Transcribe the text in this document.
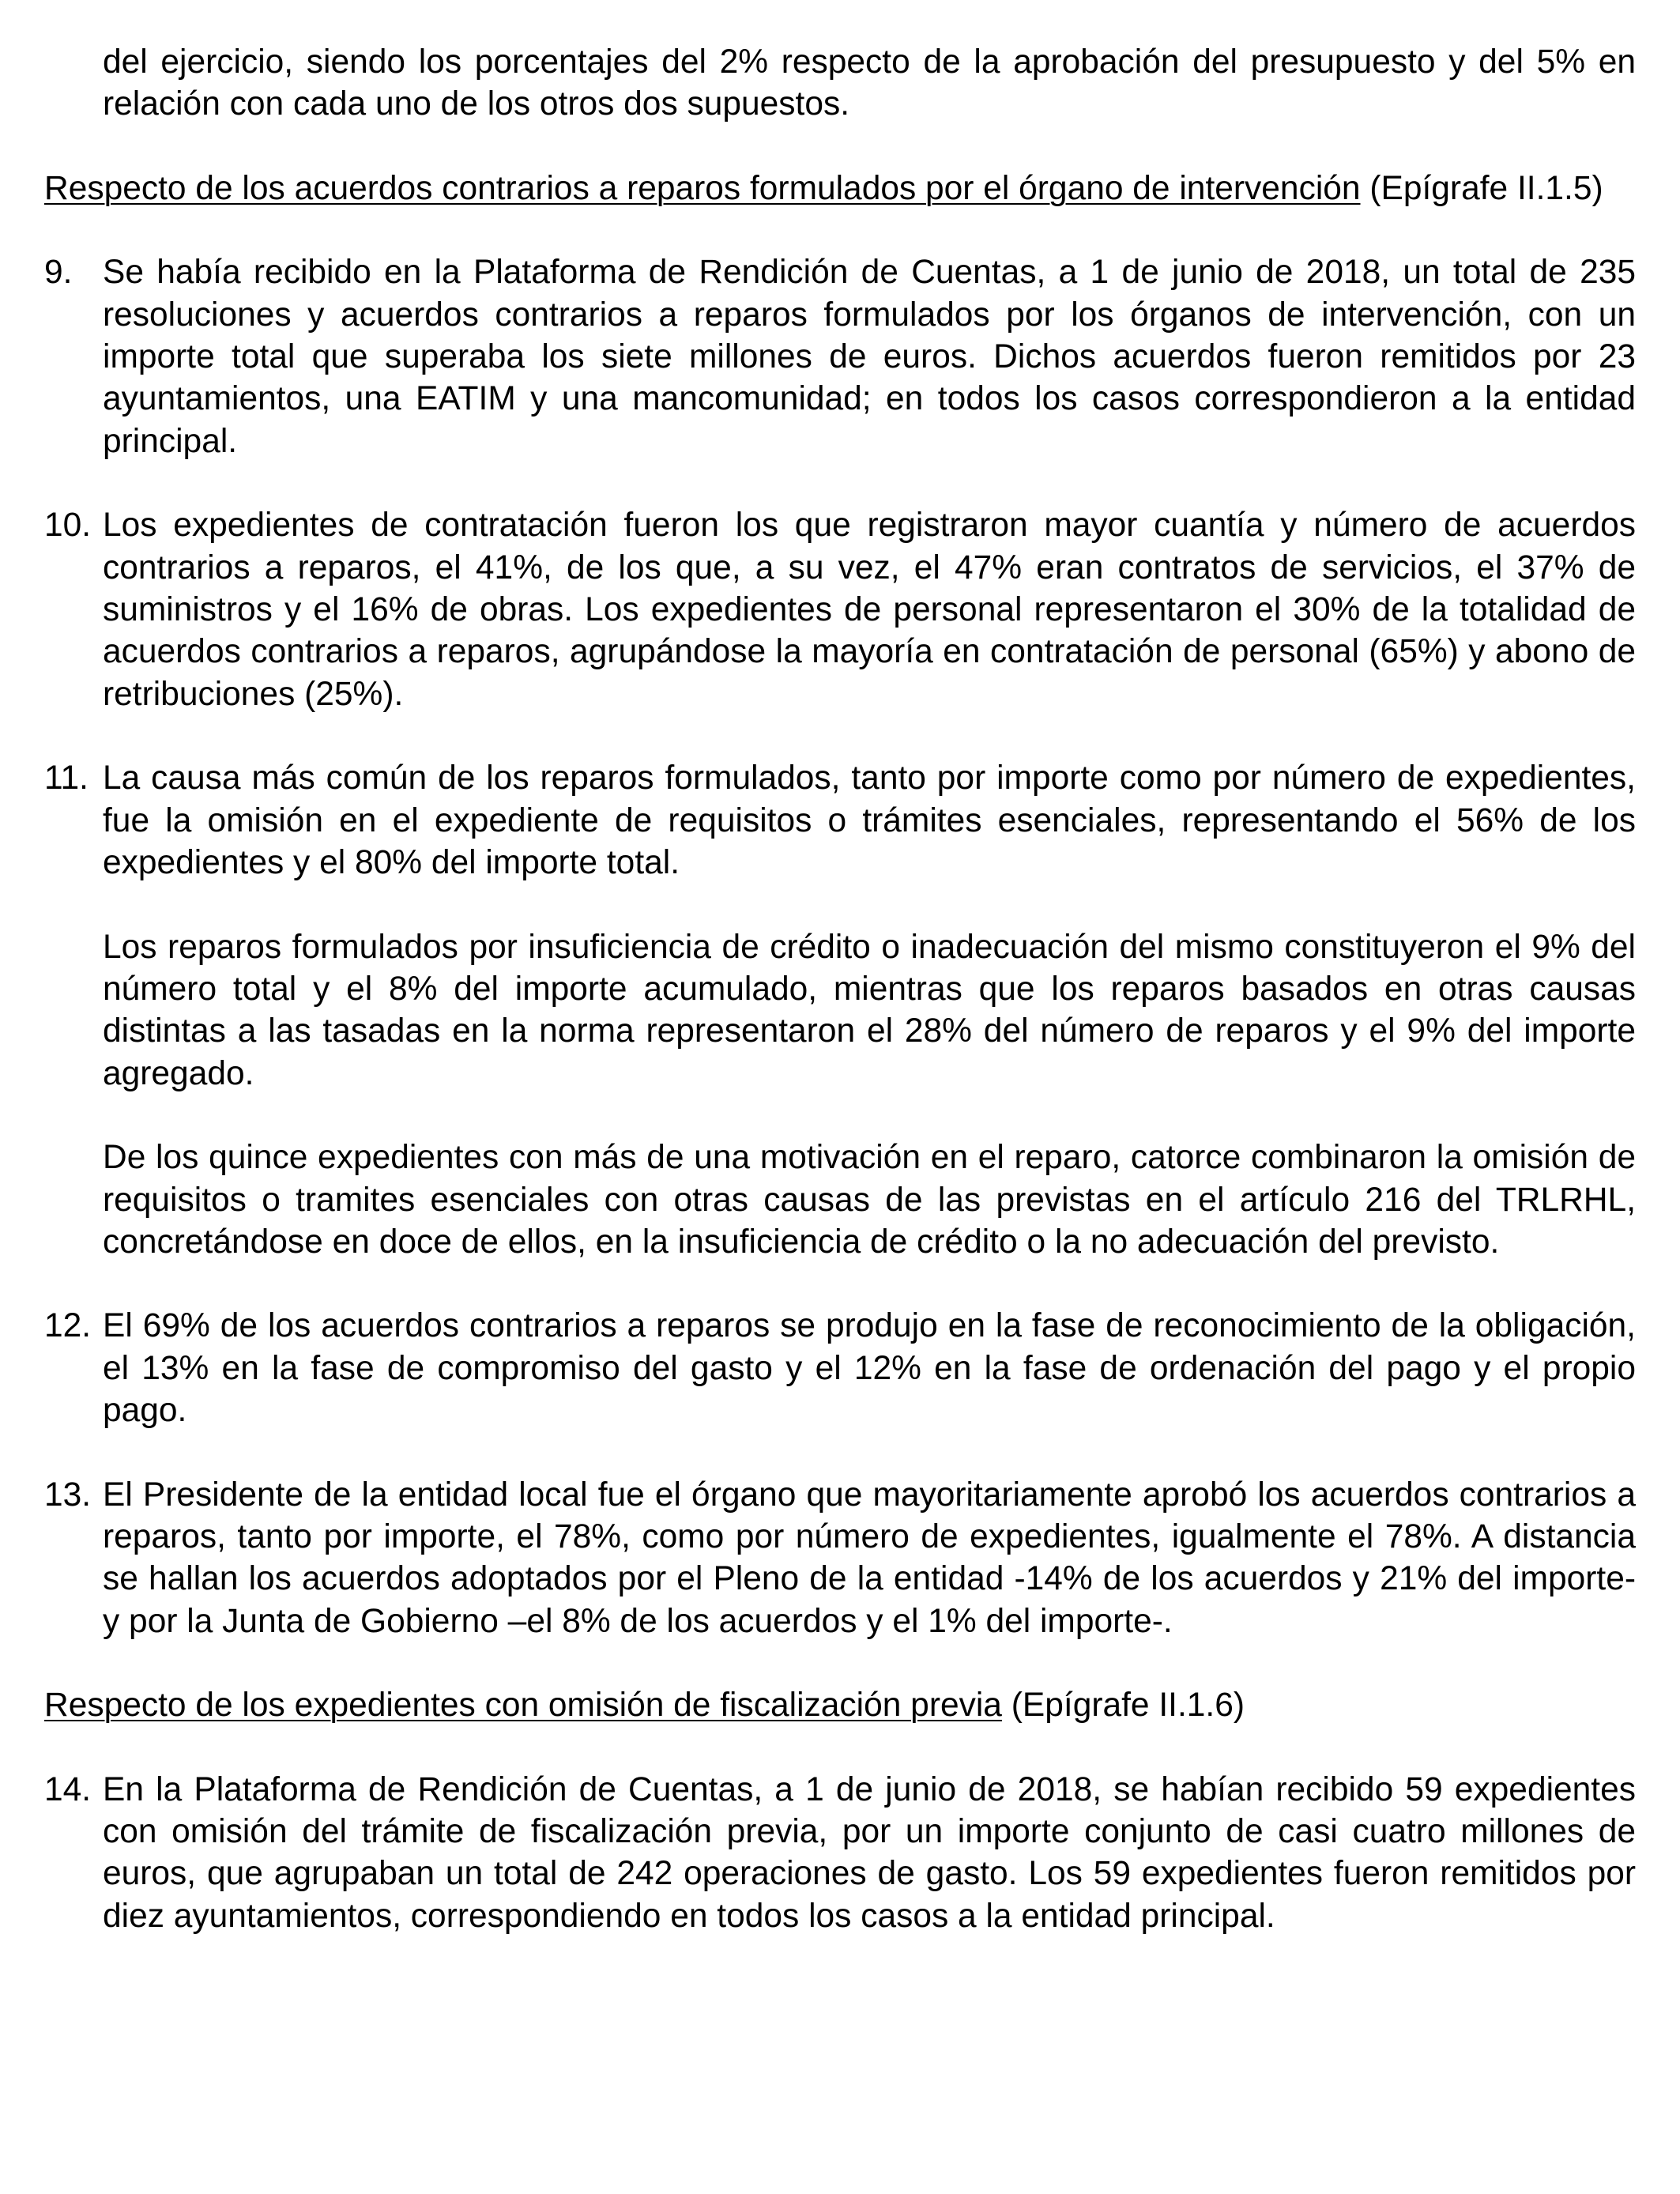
del ejercicio, siendo los porcentajes del 2% respecto de la aprobación del presupuesto y del 5% en relación con cada uno de los otros dos supuestos.

Respecto de los acuerdos contrarios a reparos formulados por el órgano de intervención (Epígrafe II.1.5)

9. Se había recibido en la Plataforma de Rendición de Cuentas, a 1 de junio de 2018, un total de 235 resoluciones y acuerdos contrarios a reparos formulados por los órganos de intervención, con un importe total que superaba los siete millones de euros. Dichos acuerdos fueron remitidos por 23 ayuntamientos, una EATIM y una mancomunidad; en todos los casos correspondieron a la entidad principal.

10. Los expedientes de contratación fueron los que registraron mayor cuantía y número de acuerdos contrarios a reparos, el 41%, de los que, a su vez, el 47% eran contratos de servicios, el 37% de suministros y el 16% de obras. Los expedientes de personal representaron el 30% de la totalidad de acuerdos contrarios a reparos, agrupándose la mayoría en contratación de personal (65%) y abono de retribuciones (25%).

11. La causa más común de los reparos formulados, tanto por importe como por número de expedientes, fue la omisión en el expediente de requisitos o trámites esenciales, representando el 56% de los expedientes y el 80% del importe total.

Los reparos formulados por insuficiencia de crédito o inadecuación del mismo constituyeron el 9% del número total y el 8% del importe acumulado, mientras que los reparos basados en otras causas distintas a las tasadas en la norma representaron el 28% del número de reparos y el 9% del importe agregado.

De los quince expedientes con más de una motivación en el reparo, catorce combinaron la omisión de requisitos o tramites esenciales con otras causas de las previstas en el artículo 216 del TRLRHL, concretándose en doce de ellos, en la insuficiencia de crédito o la no adecuación del previsto.

12. El 69% de los acuerdos contrarios a reparos se produjo en la fase de reconocimiento de la obligación, el 13% en la fase de compromiso del gasto y el 12% en la fase de ordenación del pago y el propio pago.

13. El Presidente de la entidad local fue el órgano que mayoritariamente aprobó los acuerdos contrarios a reparos, tanto por importe, el 78%, como por número de expedientes, igualmente el 78%. A distancia se hallan los acuerdos adoptados por el Pleno de la entidad -14% de los acuerdos y 21% del importe- y por la Junta de Gobierno –el 8% de los acuerdos y el 1% del importe-.

Respecto de los expedientes con omisión de fiscalización previa (Epígrafe II.1.6)

14. En la Plataforma de Rendición de Cuentas, a 1 de junio de 2018, se habían recibido 59 expedientes con omisión del trámite de fiscalización previa, por un importe conjunto de casi cuatro millones de euros, que agrupaban un total de 242 operaciones de gasto. Los 59 expedientes fueron remitidos por diez ayuntamientos, correspondiendo en todos los casos a la entidad principal.
